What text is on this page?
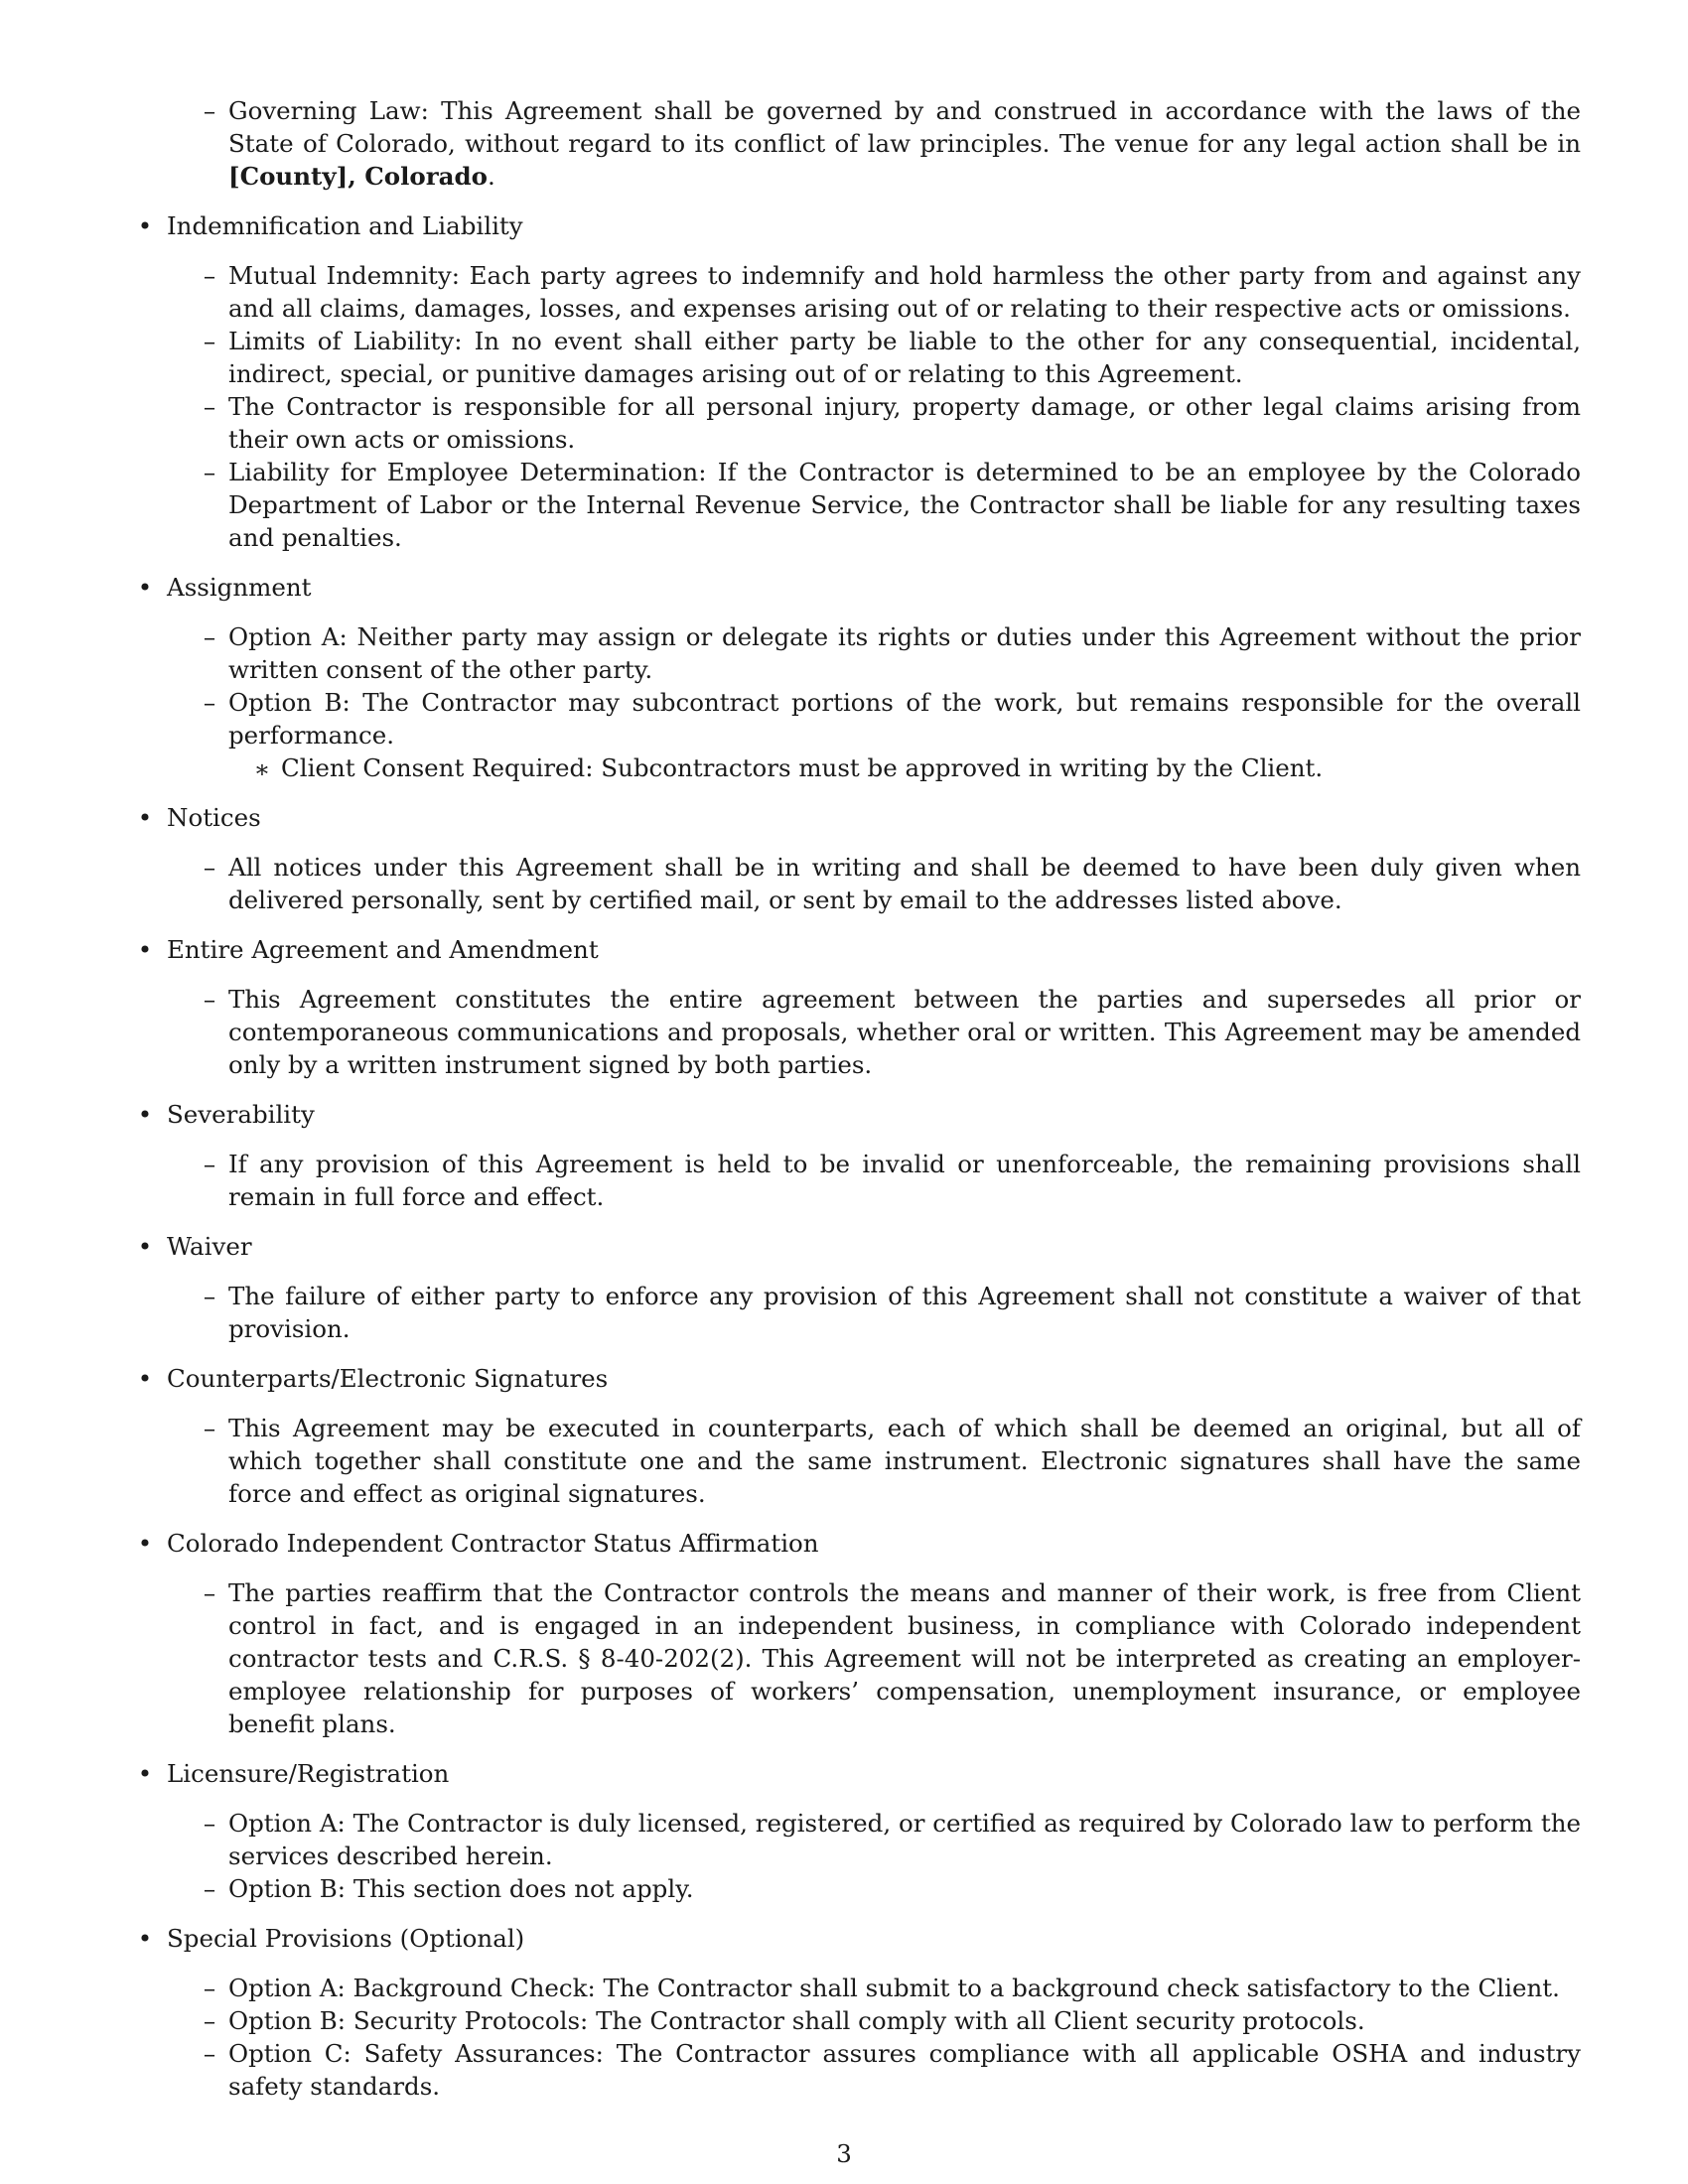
– Governing Law: This Agreement shall be governed by and construed in accordance with the laws of the State of Colorado, without regard to its conflict of law principles. The venue for any legal action shall be in [County], Colorado.
• Indemnification and Liability
– Mutual Indemnity: Each party agrees to indemnify and hold harmless the other party from and against any and all claims, damages, losses, and expenses arising out of or relating to their respective acts or omissions.
– Limits of Liability: In no event shall either party be liable to the other for any consequential, incidental, indirect, special, or punitive damages arising out of or relating to this Agreement.
– The Contractor is responsible for all personal injury, property damage, or other legal claims arising from their own acts or omissions.
– Liability for Employee Determination: If the Contractor is determined to be an employee by the Colorado Department of Labor or the Internal Revenue Service, the Contractor shall be liable for any resulting taxes and penalties.
• Assignment
– Option A: Neither party may assign or delegate its rights or duties under this Agreement without the prior written consent of the other party.
– Option B: The Contractor may subcontract portions of the work, but remains responsible for the overall performance.
∗ Client Consent Required: Subcontractors must be approved in writing by the Client.
• Notices
– All notices under this Agreement shall be in writing and shall be deemed to have been duly given when delivered personally, sent by certified mail, or sent by email to the addresses listed above.
• Entire Agreement and Amendment
– This Agreement constitutes the entire agreement between the parties and supersedes all prior or contemporaneous communications and proposals, whether oral or written. This Agreement may be amended only by a written instrument signed by both parties.
• Severability
– If any provision of this Agreement is held to be invalid or unenforceable, the remaining provisions shall remain in full force and effect.
• Waiver
– The failure of either party to enforce any provision of this Agreement shall not constitute a waiver of that provision.
• Counterparts/Electronic Signatures
– This Agreement may be executed in counterparts, each of which shall be deemed an original, but all of which together shall constitute one and the same instrument. Electronic signatures shall have the same force and effect as original signatures.
• Colorado Independent Contractor Status Affirmation
– The parties reaffirm that the Contractor controls the means and manner of their work, is free from Client control in fact, and is engaged in an independent business, in compliance with Colorado independent contractor tests and C.R.S. § 8-40-202(2). This Agreement will not be interpreted as creating an employer-employee relationship for purposes of workers’ compensation, unemployment insurance, or employee benefit plans.
• Licensure/Registration
– Option A: The Contractor is duly licensed, registered, or certified as required by Colorado law to perform the services described herein.
– Option B: This section does not apply.
• Special Provisions (Optional)
– Option A: Background Check: The Contractor shall submit to a background check satisfactory to the Client.
– Option B: Security Protocols: The Contractor shall comply with all Client security protocols.
– Option C: Safety Assurances: The Contractor assures compliance with all applicable OSHA and industry safety standards.
3
